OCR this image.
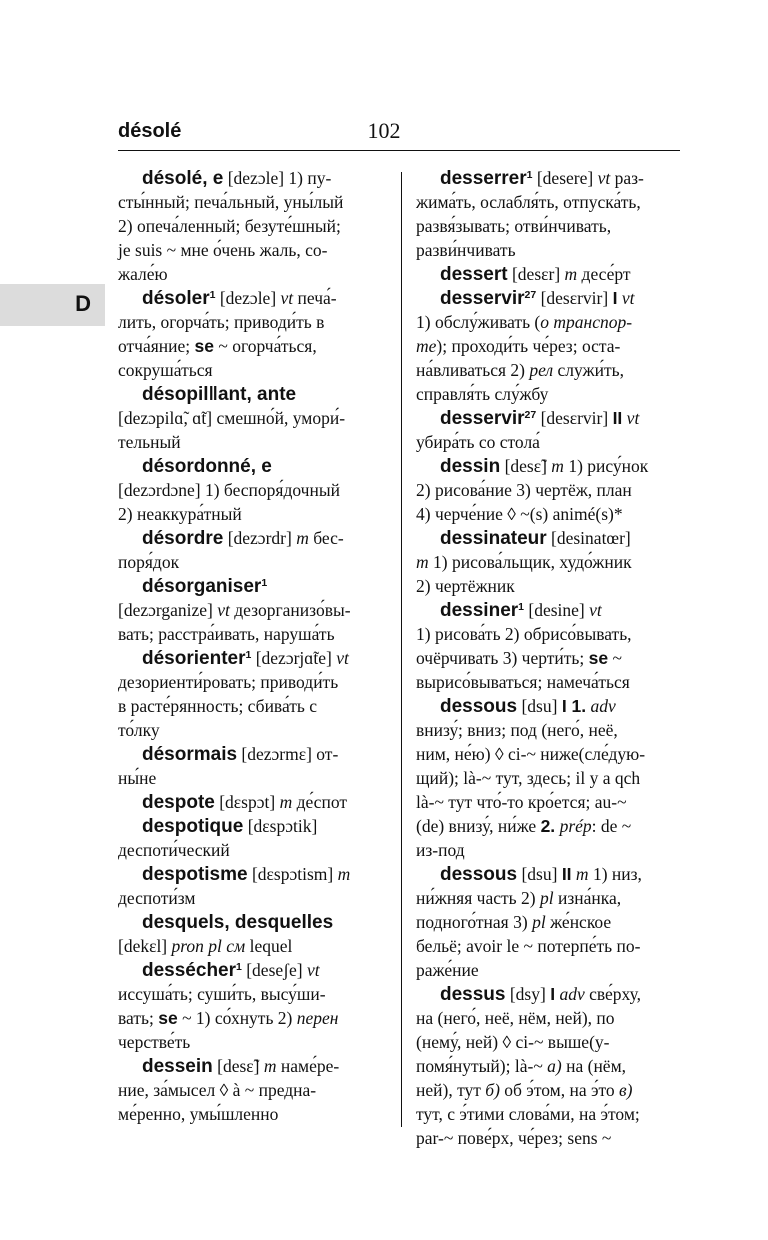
désolé	102
D
désolé, e [dezɔle] 1) пу-
сты́нный; печа́льный, уны́лый
2) опеча́ленный; безуте́шный;
je suis ~ мне о́чень жаль, со-
жале́ю
désoler$^1$ [dezɔle] vt печа́-
лить, огорча́ть; приводи́ть в
отча́яние; se ~ огорча́ться,
сокруша́ться
désopil‖ant, ante
[dezɔpilɑ̃, ɑ̃t] смешно́й, умори́-
тельный
désordonné, e
[dezɔrdɔne] 1) беспоря́дочный
2) неаккура́тный
désordre [dezɔrdr] m бес-
поря́док
désorganiser$^1$
[dezɔrganize] vt дезорганизо́вы-
вать; расстра́ивать, наруша́ть
désorienter$^1$ [dezɔrjɑ̃te] vt
дезориенти́ровать; приводи́ть
в расте́рянность; сбива́ть с
то́лку
désormais [dezɔrmɛ] от-
ны́не
despote [dɛspɔt] m де́спот
despotique [dɛspɔtik]
деспоти́ческий
despotisme [dɛspɔtism] m
деспоти́зм
desquels, desquelles
[dekɛl] pron pl см lequel
dessécher$^1$ [deseʃe] vt
иссуша́ть; суши́ть, высу́ши-
вать; se ~ 1) со́хнуть 2) перен
черстве́ть
dessein [desɛ̃] m наме́ре-
ние, за́мысел ◊ à ~ предна-
ме́ренно, умы́шленно
desserrer$^1$ [desere] vt раз-
жима́ть, ослабля́ть, отпуска́ть,
развя́зывать; отви́нчивать,
разви́нчивать
dessert [desɛr] m десе́рт
desservir$^{27}$ [desɛrvir] I vt
1) обслу́живать (о транспор-
те); проходи́ть че́рез; оста-
на́вливаться 2) рел служи́ть,
справля́ть слу́жбу
desservir$^{27}$ [desɛrvir] II vt
убира́ть со стола́
dessin [desɛ̃] m 1) рису́нок
2) рисова́ние 3) чертёж, план
4) черче́ние ◊ ~(s) animé(s)*
dessinateur [desinatœr]
m 1) рисова́льщик, худо́жник
2) чертёжник
dessiner$^1$ [desine] vt
1) рисова́ть 2) обрисо́вывать,
очёрчивать 3) черти́ть; se ~
вырисо́вываться; намеча́ться
dessous [dsu] I 1. adv
внизу́; вниз; под (него́, неё,
ним, не́ю) ◊ ci-~ ниже(сле́дую-
щий); là-~ тут, здесь; il y a qch
là-~ тут что́-то кро́ется; au-~
(de) внизу́, ни́же 2. prép: de ~
из-под
dessous [dsu] II m 1) низ,
ни́жняя часть 2) pl изна́нка,
подного́тная 3) pl же́нское
бельё; avoir le ~ потерпе́ть по-
раже́ние
dessus [dsy] I adv све́рху,
на (него́, неё, нём, ней), по
(нему́, ней) ◊ ci-~ выше(у-
помя́нутый); là-~ а) на (нём,
ней), тут б) об э́том, на э́то в)
тут, с э́тими слова́ми, на э́том;
par-~ пове́рх, че́рез; sens ~
